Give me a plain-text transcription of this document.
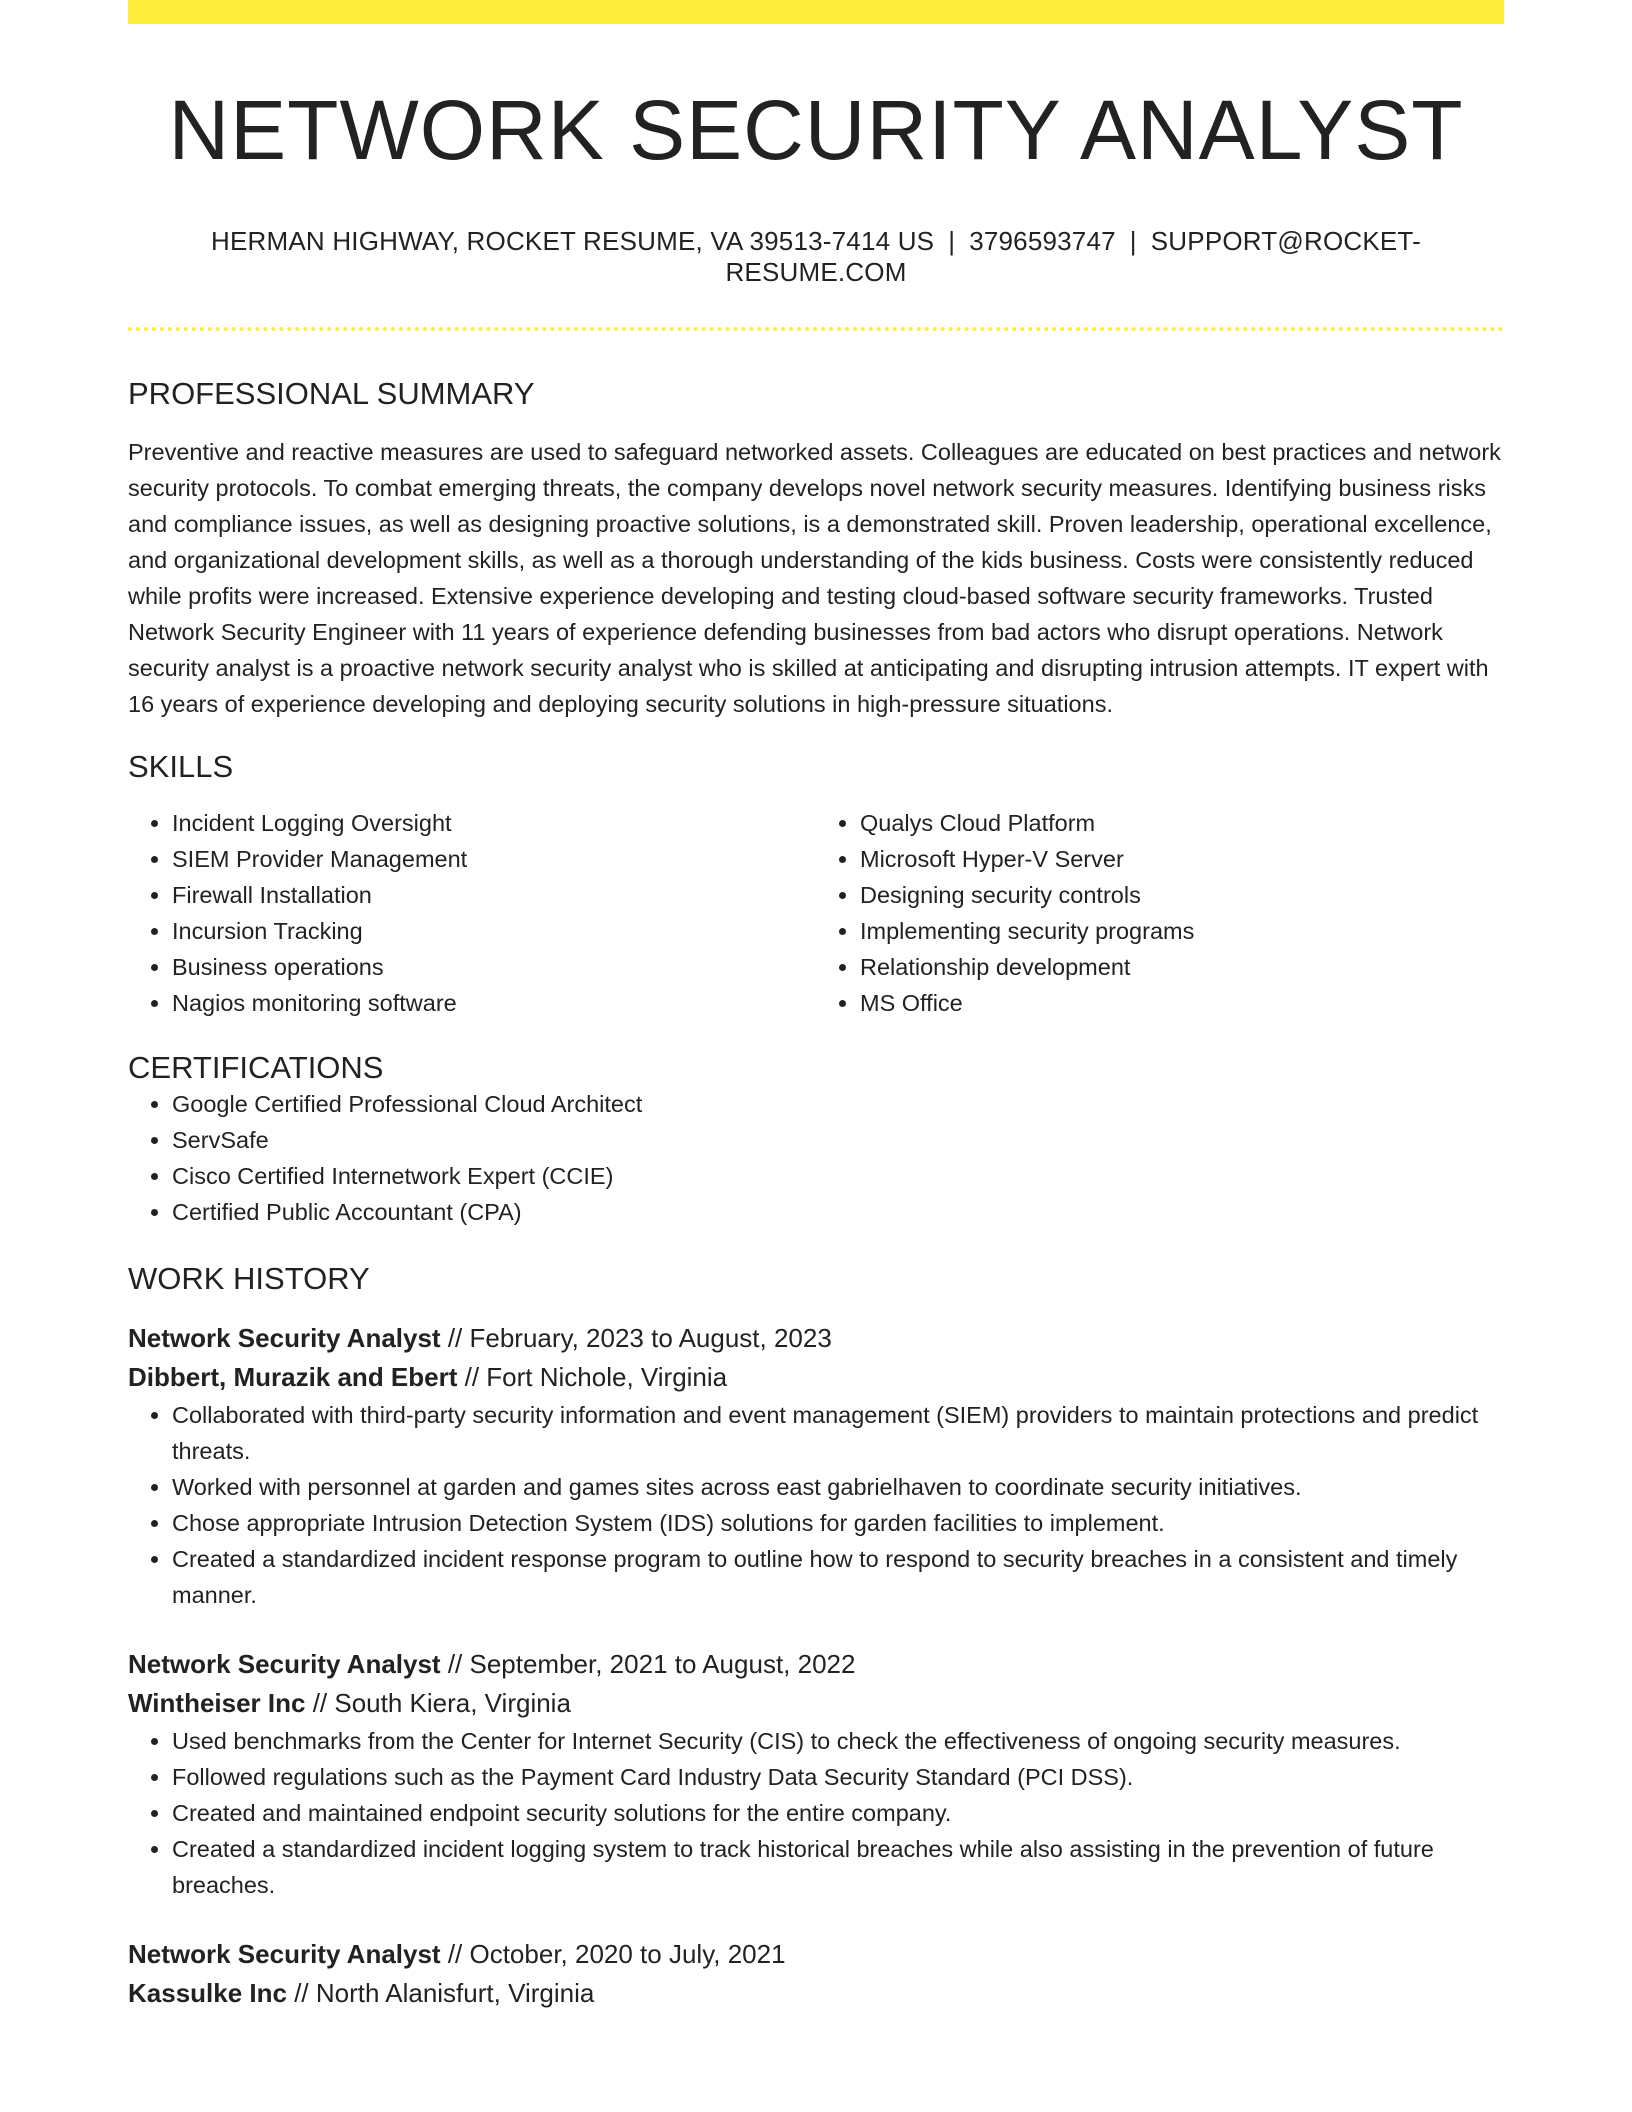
NETWORK SECURITY ANALYST
HERMAN HIGHWAY, ROCKET RESUME, VA 39513-7414 US | 3796593747 | SUPPORT@ROCKET-RESUME.COM
PROFESSIONAL SUMMARY
Preventive and reactive measures are used to safeguard networked assets. Colleagues are educated on best practices and network security protocols. To combat emerging threats, the company develops novel network security measures. Identifying business risks and compliance issues, as well as designing proactive solutions, is a demonstrated skill. Proven leadership, operational excellence, and organizational development skills, as well as a thorough understanding of the kids business. Costs were consistently reduced while profits were increased. Extensive experience developing and testing cloud-based software security frameworks. Trusted Network Security Engineer with 11 years of experience defending businesses from bad actors who disrupt operations. Network security analyst is a proactive network security analyst who is skilled at anticipating and disrupting intrusion attempts. IT expert with 16 years of experience developing and deploying security solutions in high-pressure situations.
SKILLS
• Incident Logging Oversight
• SIEM Provider Management
• Firewall Installation
• Incursion Tracking
• Business operations
• Nagios monitoring software
• Qualys Cloud Platform
• Microsoft Hyper-V Server
• Designing security controls
• Implementing security programs
• Relationship development
• MS Office
CERTIFICATIONS
• Google Certified Professional Cloud Architect
• ServSafe
• Cisco Certified Internetwork Expert (CCIE)
• Certified Public Accountant (CPA)
WORK HISTORY
Network Security Analyst // February, 2023 to August, 2023
Dibbert, Murazik and Ebert // Fort Nichole, Virginia
• Collaborated with third-party security information and event management (SIEM) providers to maintain protections and predict threats.
• Worked with personnel at garden and games sites across east gabrielhaven to coordinate security initiatives.
• Chose appropriate Intrusion Detection System (IDS) solutions for garden facilities to implement.
• Created a standardized incident response program to outline how to respond to security breaches in a consistent and timely manner.
Network Security Analyst // September, 2021 to August, 2022
Wintheiser Inc // South Kiera, Virginia
• Used benchmarks from the Center for Internet Security (CIS) to check the effectiveness of ongoing security measures.
• Followed regulations such as the Payment Card Industry Data Security Standard (PCI DSS).
• Created and maintained endpoint security solutions for the entire company.
• Created a standardized incident logging system to track historical breaches while also assisting in the prevention of future breaches.
Network Security Analyst // October, 2020 to July, 2021
Kassulke Inc // North Alanisfurt, Virginia
